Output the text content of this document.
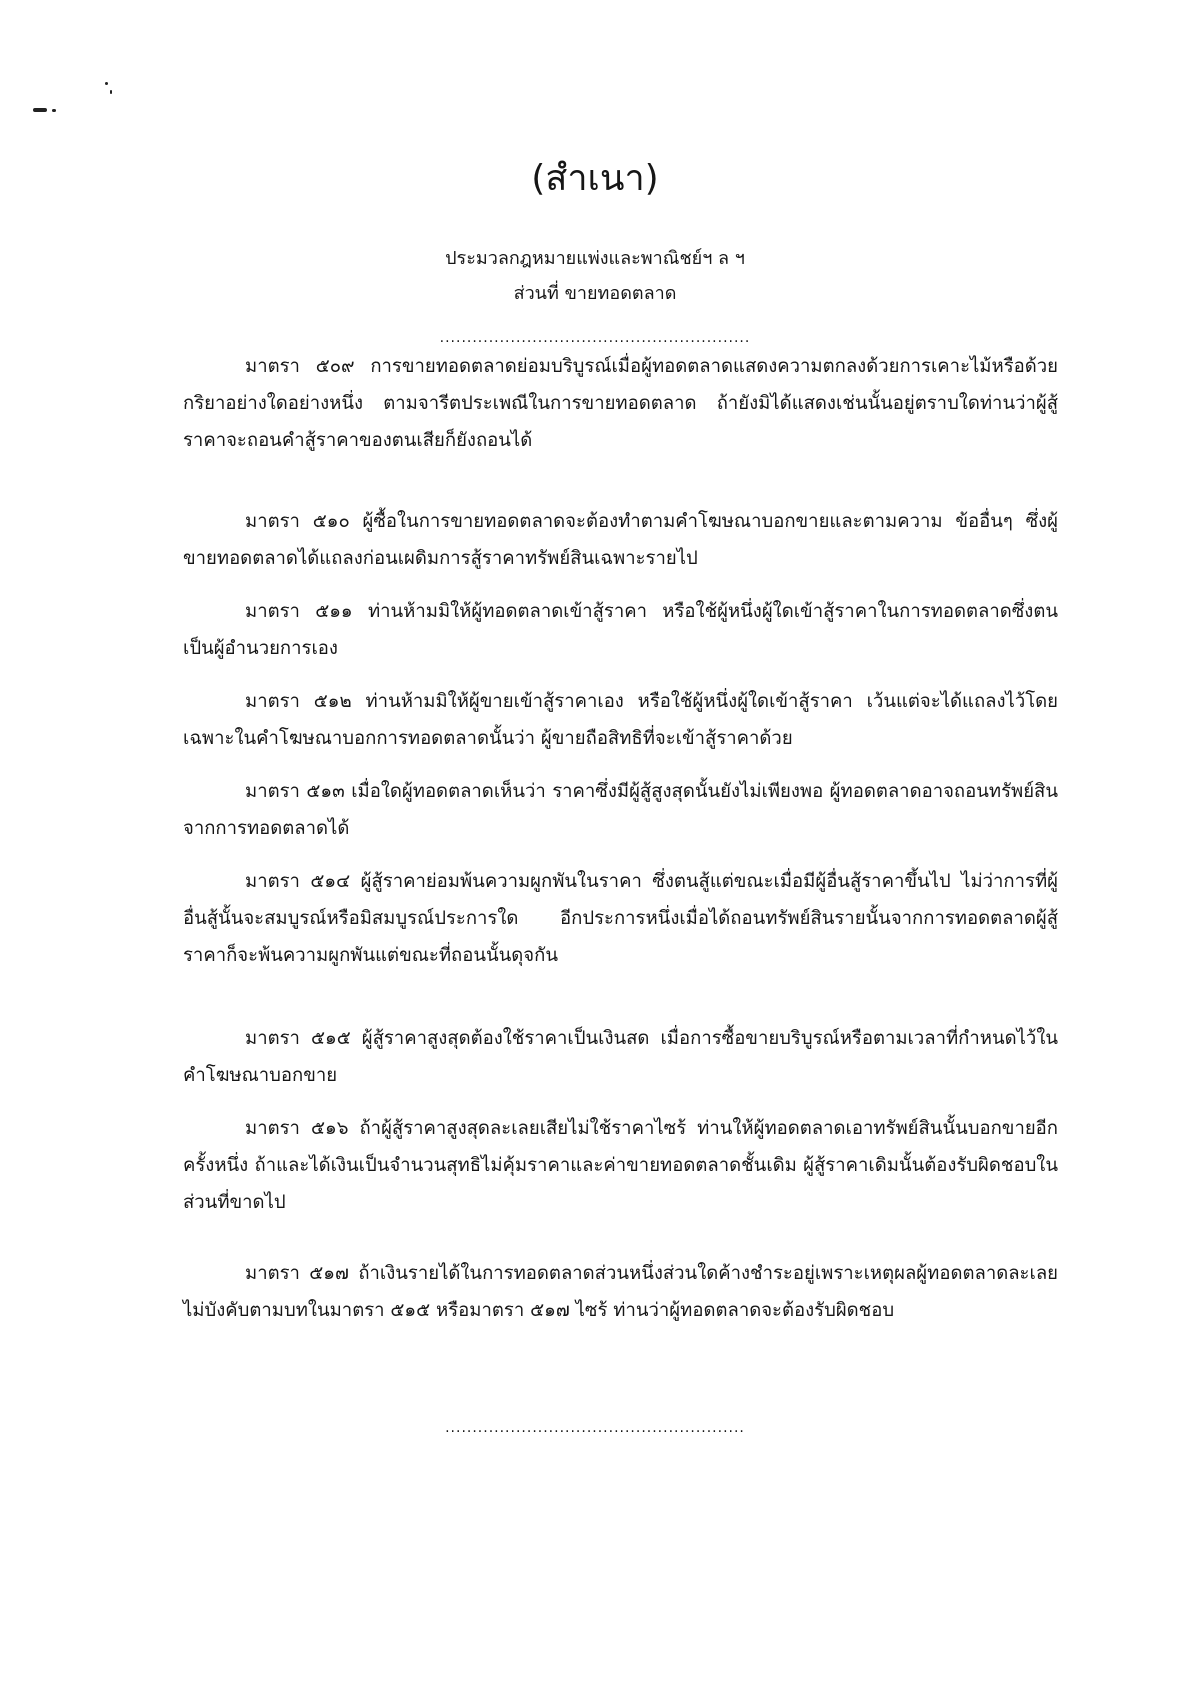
(สำเนา)
ประมวลกฎหมายแพ่งและพาณิชย์ฯ ล ฯ
ส่วนที่ ขายทอดตลาด
.........................................................

มาตรา ๕๐๙ การขายทอดตลาดย่อมบริบูรณ์เมื่อผู้ทอดตลาดแสดงความตกลงด้วยการเคาะไม้หรือด้วยกริยาอย่างใดอย่างหนึ่ง ตามจารีตประเพณีในการขายทอดตลาด ถ้ายังมิได้แสดงเช่นนั้นอยู่ตราบใดท่านว่าผู้สู้ราคาจะถอนคำสู้ราคาของตนเสียก็ยังถอนได้

มาตรา ๕๑๐ ผู้ซื้อในการขายทอดตลาดจะต้องทำตามคำโฆษณาบอกขายและตามความ ข้ออื่นๆ ซึ่งผู้ขายทอดตลาดได้แถลงก่อนเผดิมการสู้ราคาทรัพย์สินเฉพาะรายไป

มาตรา ๕๑๑ ท่านห้ามมิให้ผู้ทอดตลาดเข้าสู้ราคา หรือใช้ผู้หนึ่งผู้ใดเข้าสู้ราคาในการทอดตลาดซึ่งตนเป็นผู้อำนวยการเอง

มาตรา ๕๑๒ ท่านห้ามมิให้ผู้ขายเข้าสู้ราคาเอง หรือใช้ผู้หนึ่งผู้ใดเข้าสู้ราคา เว้นแต่จะได้แถลงไว้โดยเฉพาะในคำโฆษณาบอกการทอดตลาดนั้นว่า ผู้ขายถือสิทธิที่จะเข้าสู้ราคาด้วย

มาตรา ๕๑๓ เมื่อใดผู้ทอดตลาดเห็นว่า ราคาซึ่งมีผู้สู้สูงสุดนั้นยังไม่เพียงพอ ผู้ทอดตลาดอาจถอนทรัพย์สินจากการทอดตลาดได้

มาตรา ๕๑๔ ผู้สู้ราคาย่อมพ้นความผูกพันในราคา ซึ่งตนสู้แต่ขณะเมื่อมีผู้อื่นสู้ราคาขึ้นไป ไม่ว่าการที่ผู้อื่นสู้นั้นจะสมบูรณ์หรือมิสมบูรณ์ประการใด อีกประการหนึ่งเมื่อได้ถอนทรัพย์สินรายนั้นจากการทอดตลาดผู้สู้ราคาก็จะพ้นความผูกพันแต่ขณะที่ถอนนั้นดุจกัน

มาตรา ๕๑๕ ผู้สู้ราคาสูงสุดต้องใช้ราคาเป็นเงินสด เมื่อการซื้อขายบริบูรณ์หรือตามเวลาที่กำหนดไว้ในคำโฆษณาบอกขาย

มาตรา ๕๑๖ ถ้าผู้สู้ราคาสูงสุดละเลยเสียไม่ใช้ราคาไซร้ ท่านให้ผู้ทอดตลาดเอาทรัพย์สินนั้นบอกขายอีกครั้งหนึ่ง ถ้าและได้เงินเป็นจำนวนสุทธิไม่คุ้มราคาและค่าขายทอดตลาดชั้นเดิม ผู้สู้ราคาเดิมนั้นต้องรับผิดชอบในส่วนที่ขาดไป

มาตรา ๕๑๗ ถ้าเงินรายได้ในการทอดตลาดส่วนหนึ่งส่วนใดค้างชำระอยู่เพราะเหตุผลผู้ทอดตลาดละเลยไม่บังคับตามบทในมาตรา ๕๑๕ หรือมาตรา ๕๑๗ ไซร้ ท่านว่าผู้ทอดตลาดจะต้องรับผิดชอบ

.......................................................
